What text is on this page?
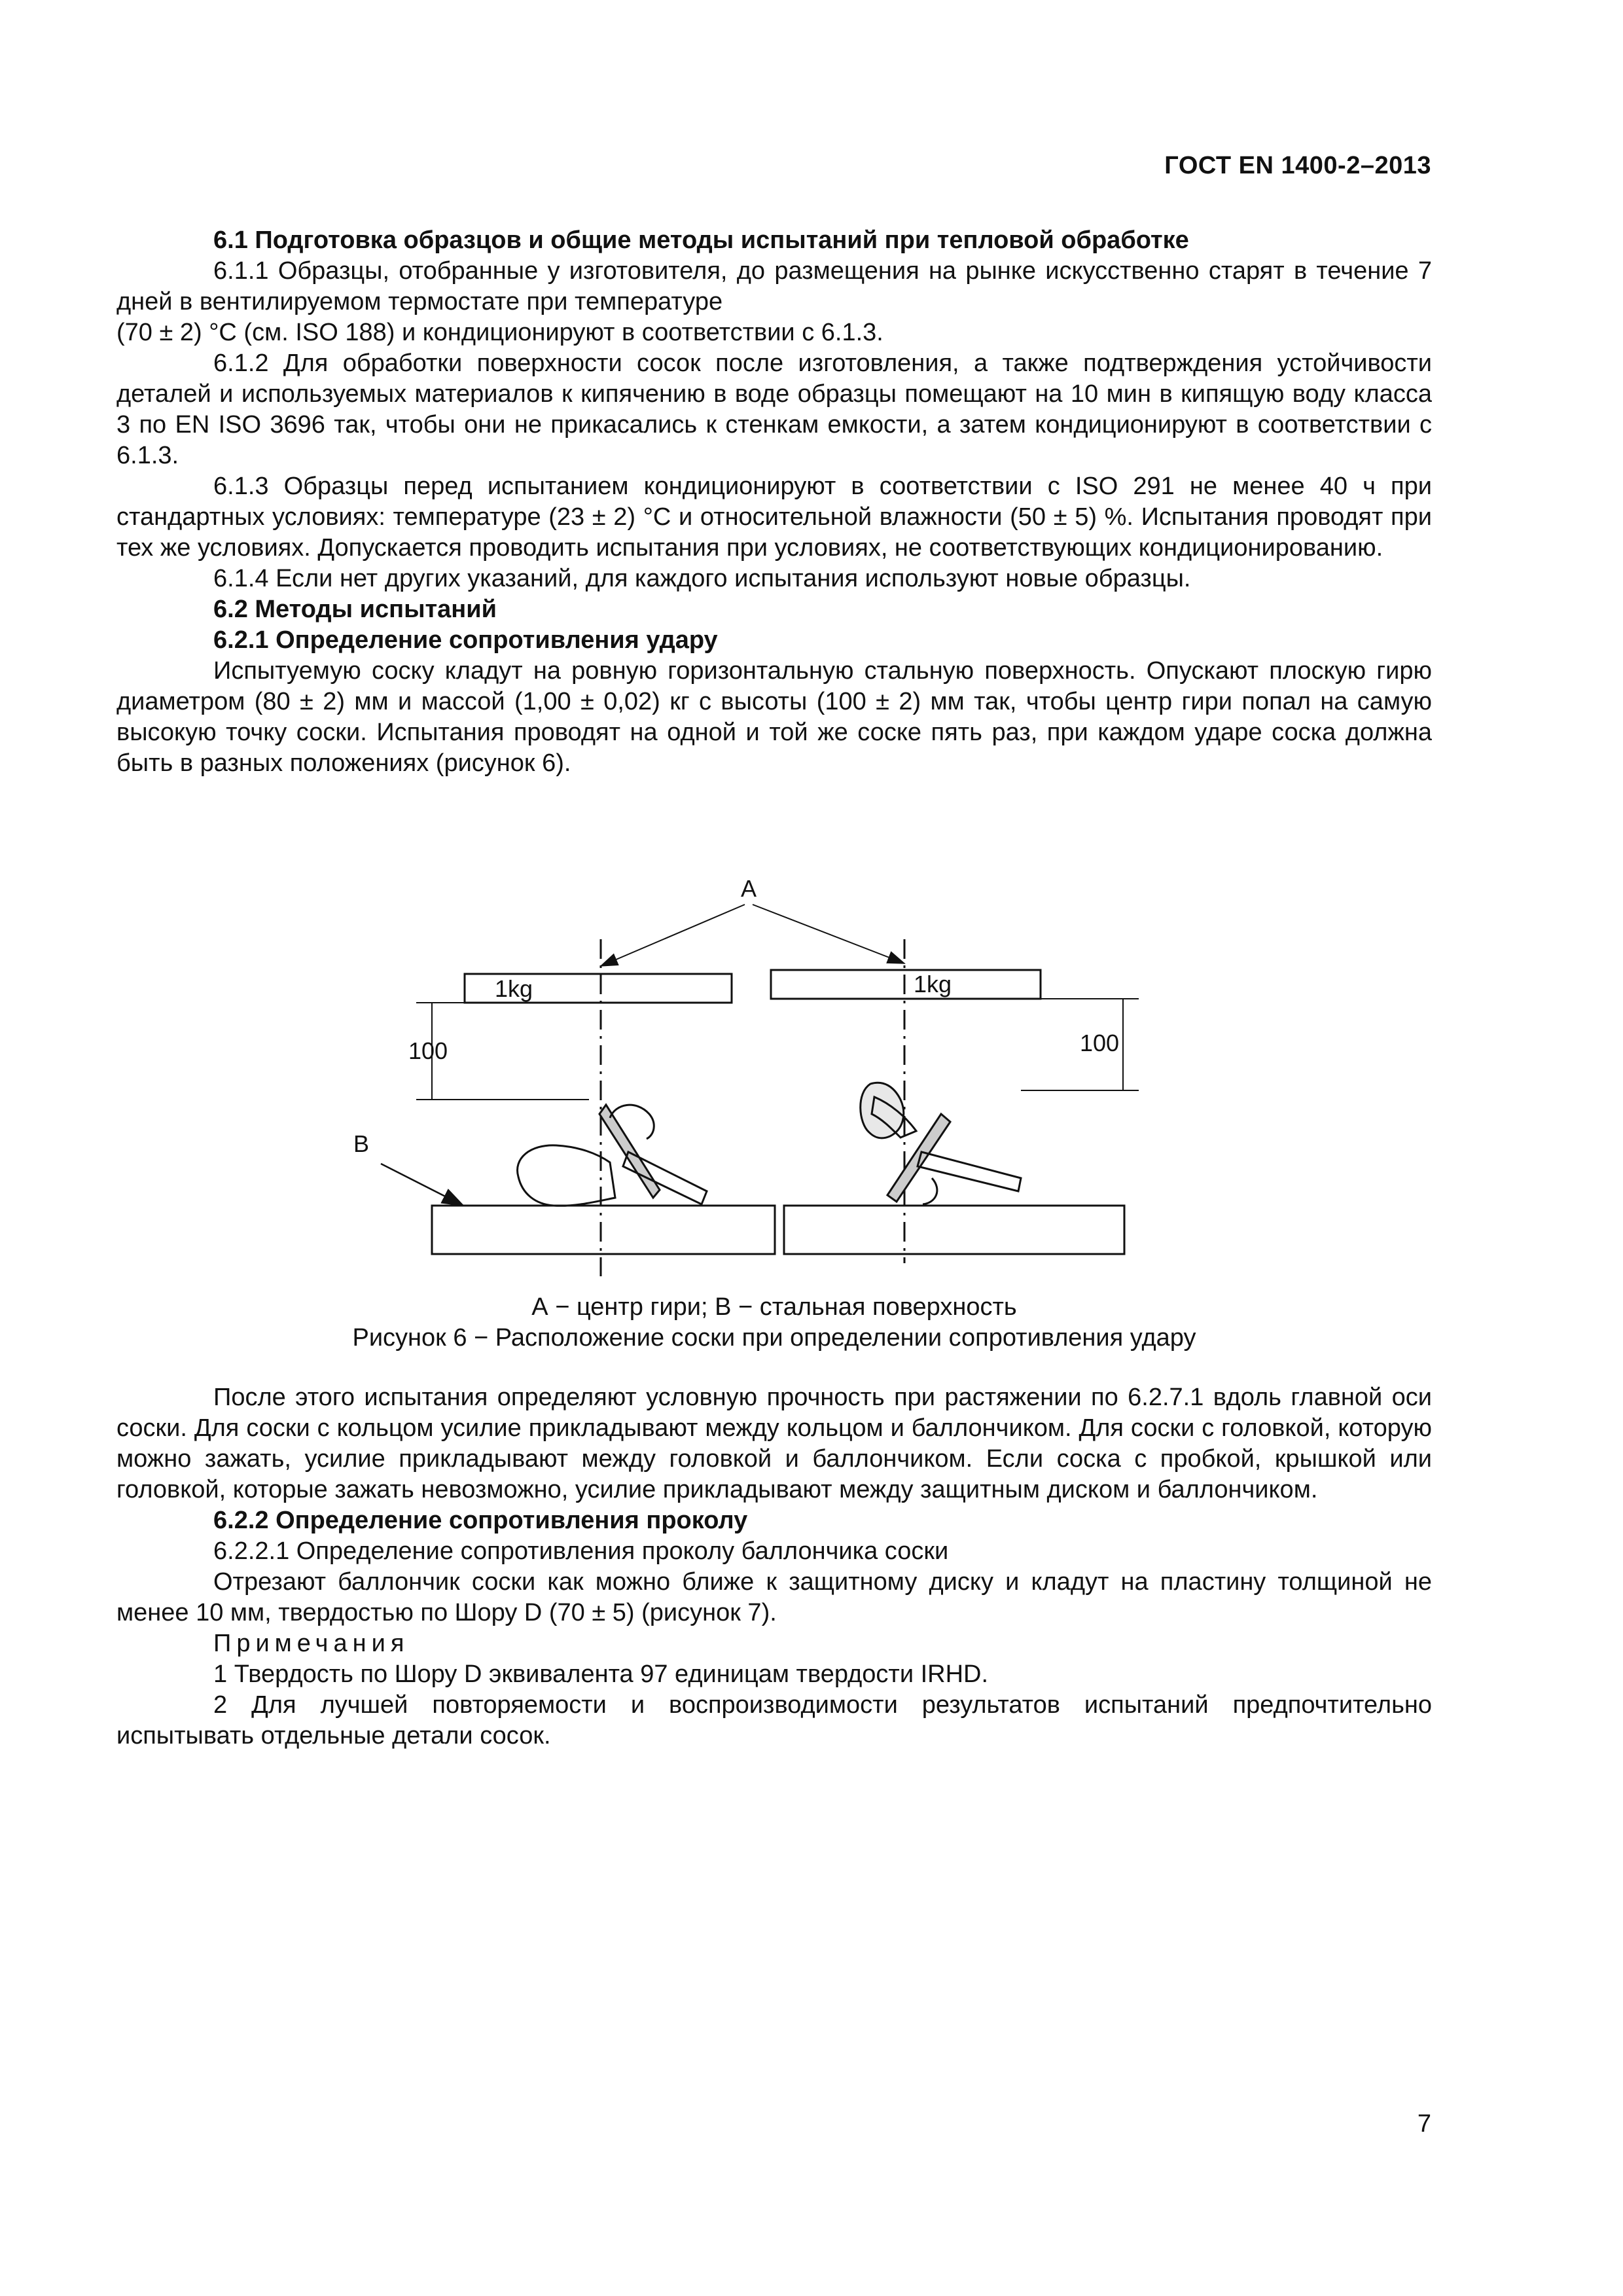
ГОСТ EN 1400-2–2013

6.1 Подготовка образцов и общие методы испытаний при тепловой обработке

6.1.1 Образцы, отобранные у изготовителя, до размещения на рынке искусственно старят в течение 7 дней в вентилируемом термостате при температуре

(70 ± 2) °С (см. ISO 188) и кондиционируют в соответствии с 6.1.3.

6.1.2 Для обработки поверхности сосок после изготовления, а также подтверждения устойчивости деталей и используемых материалов к кипячению в воде образцы помещают на 10 мин в кипящую воду класса 3 по EN ISO 3696 так, чтобы они не прикасались к стенкам емкости, а затем кондиционируют в соответствии с 6.1.3.

6.1.3 Образцы перед испытанием кондиционируют в соответствии с ISO 291 не менее 40 ч при стандартных условиях: температуре (23 ± 2) °С и относительной влажности (50 ± 5) %. Испытания проводят при тех же условиях. Допускается проводить испытания при условиях, не соответствующих кондиционированию.

6.1.4 Если нет других указаний, для каждого испытания используют новые образцы.

6.2 Методы испытаний

6.2.1 Определение сопротивления удару

Испытуемую соску кладут на ровную горизонтальную стальную поверхность. Опускают плоскую гирю диаметром (80 ± 2) мм и массой (1,00 ± 0,02) кг с высоты (100 ± 2) мм так, чтобы центр гири попал на самую высокую точку соски. Испытания проводят на одной и той же соске пять раз, при каждом ударе соска должна быть в разных положениях (рисунок 6).

A
1kg	1kg
100	100
B
А − центр гири; В − стальная поверхность
Рисунок 6 − Расположение соски при определении сопротивления удару

После этого испытания определяют условную прочность при растяжении по 6.2.7.1 вдоль главной оси соски. Для соски с кольцом усилие прикладывают между кольцом и баллончиком. Для соски с головкой, которую можно зажать, усилие прикладывают между головкой и баллончиком. Если соска с пробкой, крышкой или головкой, которые зажать невозможно, усилие прикладывают между защитным диском и баллончиком.

6.2.2 Определение сопротивления проколу

6.2.2.1 Определение сопротивления проколу баллончика соски

Отрезают баллончик соски как можно ближе к защитному диску и кладут на пластину толщиной не менее 10 мм, твердостью по Шору D (70 ± 5) (рисунок 7).

Примечания

1 Твердость по Шору D эквивалента 97 единицам твердости IRHD.

2 Для лучшей повторяемости и воспроизводимости результатов испытаний предпочтительно испытывать отдельные детали сосок.

7
